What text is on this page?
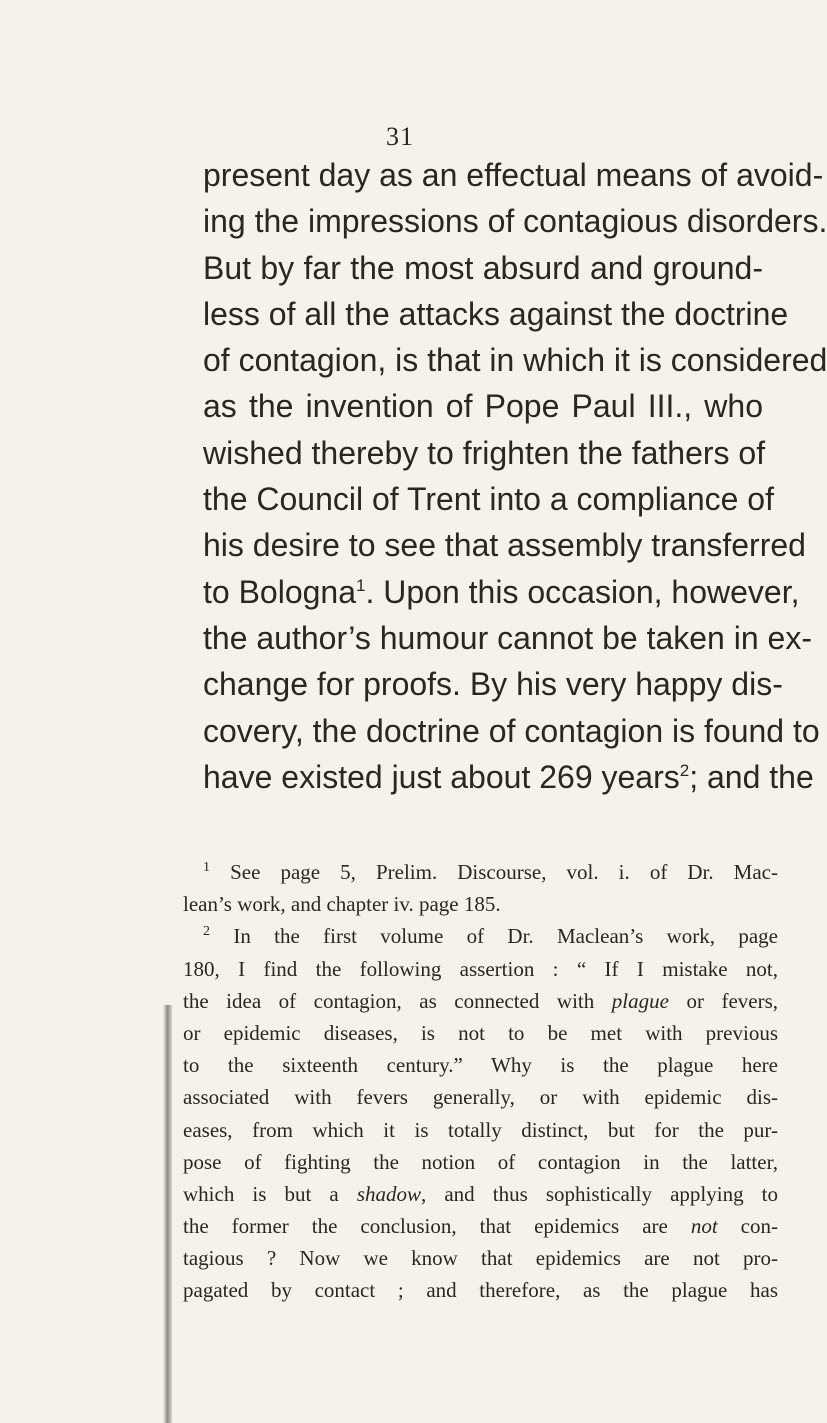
31
present day as an effectual means of avoid-
ing the impressions of contagious disorders.
But by far the most absurd and ground-
less of all the attacks against the doctrine
of contagion, is that in which it is considered
as the invention of Pope Paul III., who
wished thereby to frighten the fathers of
the Council of Trent into a compliance of
his desire to see that assembly transferred
to Bologna$^1$. Upon this occasion, however,
the author’s humour cannot be taken in ex-
change for proofs. By his very happy dis-
covery, the doctrine of contagion is found to
have existed just about 269 years$^2$; and the
$^1$ See page 5, Prelim. Discourse, vol. i. of Dr. Mac-
lean’s work, and chapter iv. page 185.
$^2$ In the first volume of Dr. Maclean’s work, page
180, I find the following assertion : “ If I mistake not,
the idea of contagion, as connected with plague or fevers,
or epidemic diseases, is not to be met with previous
to the sixteenth century.” Why is the plague here
associated with fevers generally, or with epidemic dis-
eases, from which it is totally distinct, but for the pur-
pose of fighting the notion of contagion in the latter,
which is but a shadow, and thus sophistically applying to
the former the conclusion, that epidemics are not con-
tagious ? Now we know that epidemics are not pro-
pagated by contact ; and therefore, as the plague has
